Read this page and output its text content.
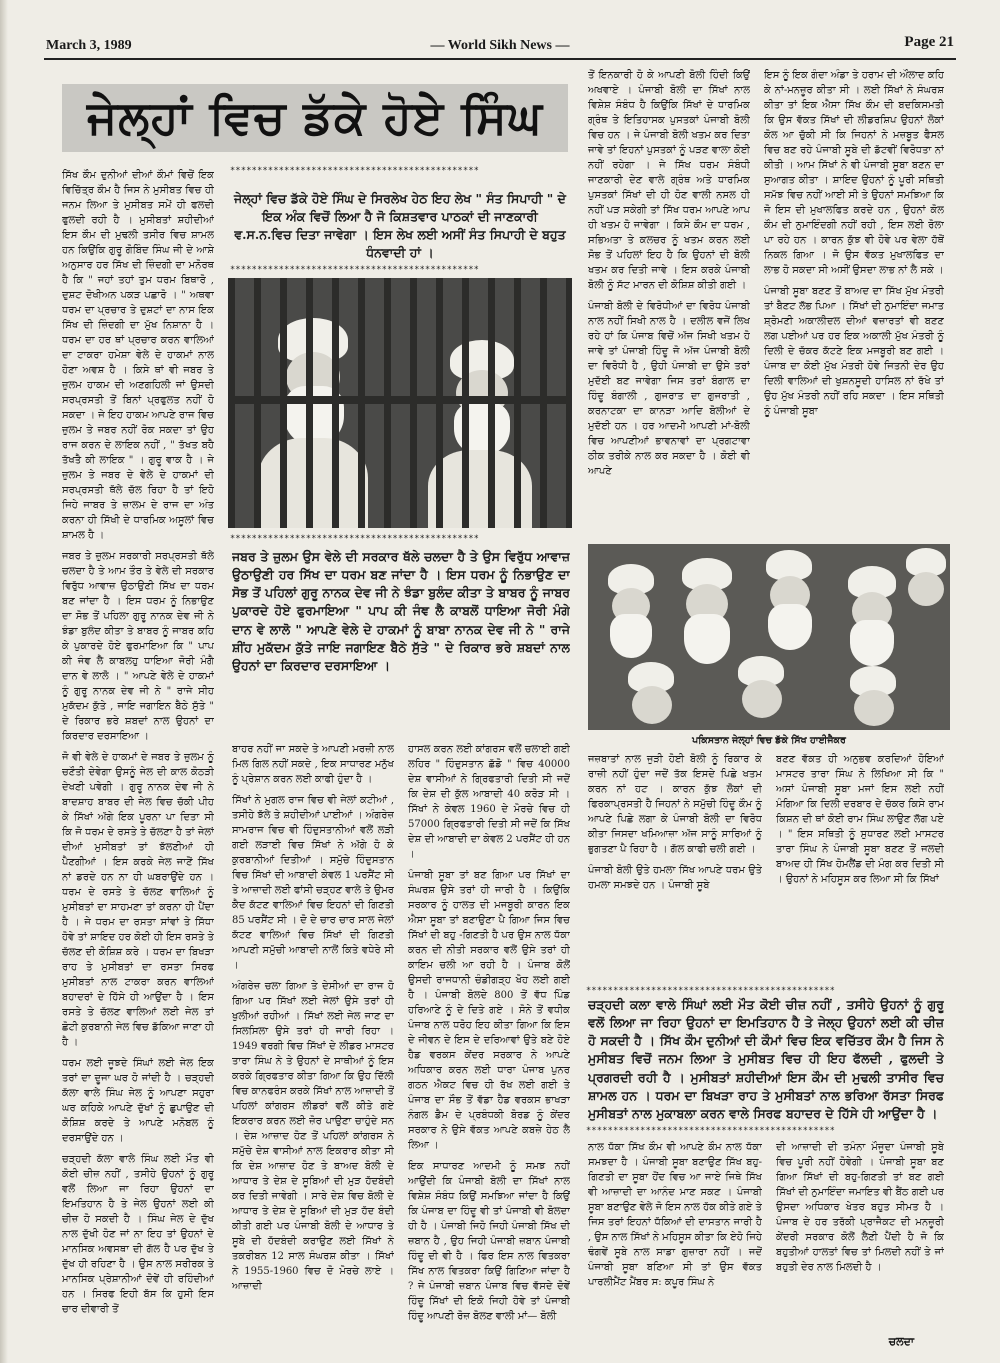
March 3, 1989	— World Sikh News —	Page 21
ਜੇਲ੍ਹਾਂ ਵਿਚ ਡੱਕੇ ਹੋਏ ਸਿੰਘ

ਸਿੱਖ ਕੌਮ ਦੁਨੀਆਂ ਦੀਆਂ ਕੌਮਾਂ ਵਿਚੋਂ ਇਕ ਵਿਚਿੱਤ੍ਰ ਕੌਮ ਹੈ ਜਿਸ ਨੇ ਮੁਸੀਬਤ ਵਿਚ ਹੀ ਜਨਮ ਲਿਆ ਤੇ ਮੁਸੀਬਤ ਸਮੇਂ ਹੀ ਫਲਦੀ ਫੁਲਦੀ ਰਹੀ ਹੈ । ਮੁਸੀਬਤਾਂ ਸ਼ਹੀਦੀਆਂ ਇਸ ਕੌਮ ਦੀ ਮੁਢਲੀ ਤਸੀਰ ਵਿਚ ਸ਼ਾਮਲ ਹਨ ਕਿਉਂਕਿ ਗੁਰੂ ਗੋਬਿੰਦ ਸਿੰਘ ਜੀ ਦੇ ਆਸ਼ੇ ਅਨੁਸਾਰ ਹਰ ਸਿੱਖ ਦੀ ਜ਼ਿੰਦਗੀ ਦਾ ਮਨੋਰਥ ਹੈ ਕਿ " ਜਹਾਂ ਤਹਾਂ ਤੁਮ ਧਰਮ ਬਿਥਾਰੋ , ਦੁਸ਼ਟ ਦੋਖੀਅਨ ਪਕੜ ਪਛਾਰੋ । " ਅਥਵਾ ਧਰਮ ਦਾ ਪ੍ਰਚਾਰ ਤੇ ਦੁਸ਼ਟਾਂ ਦਾ ਨਾਸ ਇਕ ਸਿੱਖ ਦੀ ਜ਼ਿੰਦਗੀ ਦਾ ਮੁੱਖ ਨਿਸ਼ਾਨਾ ਹੈ । ਧਰਮ ਦਾ ਹਰ ਥਾਂ ਪ੍ਰਚਾਰ ਕਰਨ ਵਾਲਿਆਂ ਦਾ ਟਾਕਰਾ ਹਮੇਸ਼ਾ ਵੇਲੇ ਦੇ ਹਾਕਮਾਂ ਨਾਲ ਹੋਣਾ ਅਵਸ਼ ਹੈ । ਕਿਸੇ ਥਾਂ ਵੀ ਜਬਰ ਤੇ ਜ਼ੁਲਮ ਹਾਕਮ ਦੀ ਅਣਗਹਿਲੀ ਜਾਂ ਉਸਦੀ ਸਰਪ੍ਰਸਤੀ ਤੋਂ ਬਿਨਾਂ ਪ੍ਰਫੁਲਤ ਨਹੀਂ ਹੋ ਸਕਦਾ । ਜੇ ਇਹ ਹਾਕਮ ਆਪਣੇ ਰਾਜ ਵਿਚ ਜ਼ੁਲਮ ਤੇ ਜਬਰ ਨਹੀਂ ਰੋਕ ਸਕਦਾ ਤਾਂ ਉਹ ਰਾਜ ਕਰਨ ਦੇ ਲਾਇਕ ਨਹੀਂ , " ਤੱਖਤ ਬਹੈ ਤੱਖਤੈ ਕੀ ਲਾਇਕ " । ਗੁਰੂ ਵਾਕ ਹੈ । ਜੇ ਜ਼ੁਲਮ ਤੇ ਜਬਰ ਦੇ ਵੇਲੇ ਦੇ ਹਾਕਮਾਂ ਦੀ ਸਰਪ੍ਰਸਤੀ ਥੱਲੇ ਚੱਲ ਰਿਹਾ ਹੈ ਤਾਂ ਇਹੋ ਜਿਹੇ ਜਾਬਰ ਤੇ ਜ਼ਾਲਮ ਦੇ ਰਾਜ ਦਾ ਅੰਤ ਕਰਨਾ ਹੀ ਸਿੱਖੀ ਦੇ ਧਾਰਮਿਕ ਅਸੂਲਾਂ ਵਿਚ ਸ਼ਾਮਲ ਹੈ ।

ਜਬਰ ਤੇ ਜ਼ੁਲਮ ਸਰਕਾਰੀ ਸਰਪ੍ਰਸਤੀ ਥੱਲੇ ਚਲਦਾ ਹੈ ਤੇ ਆਮ ਤੌਰ ਤੇ ਵੇਲੇ ਦੀ ਸਰਕਾਰ ਵਿਰੁੱਧ ਆਵਾਜ਼ ਉਠਾਉਣੀ ਸਿੱਖ ਦਾ ਧਰਮ ਬਣ ਜਾਂਦਾ ਹੈ । ਇਸ ਧਰਮ ਨੂੰ ਨਿਭਾਉਣ ਦਾ ਸੋਭ ਤੋਂ ਪਹਿਲਾ ਗੁਰੂ ਨਾਨਕ ਦੇਵ ਜੀ ਨੇ ਝੰਡਾ ਬੁਲੰਦ ਕੀਤਾ ਤੇ ਬਾਬਰ ਨੂੰ ਜਾਬਰ ਕਹਿ ਕੇ ਪੁਕਾਰਦੇ ਹੋਏ ਫੁਰਮਾਇਆ ਕਿ " ਪਾਪ ਕੀ ਜੰਞ ਲੈ ਕਾਬਲਹੁ ਧਾਇਆ ਜੋਰੀ ਮੰਗੈ ਦਾਨ ਵੇ ਲਾਲੋ । " ਆਪਣੇ ਵੇਲੇ ਦੇ ਹਾਕਮਾਂ ਨੂੰ ਗੁਰੂ ਨਾਨਕ ਦੇਵ ਜੀ ਨੇ " ਰਾਜੇ ਸੀਹ ਮੁਕੱਦਮ ਕੁੱਤੇ , ਜਾਇ ਜਗਾਇਨ ਬੈਠੇ ਸੁੱਤੇ " ਦੇ ਰਿਕਾਰ ਭਰੇ ਸ਼ਬਦਾਂ ਨਾਲ ਉਹਨਾਂ ਦਾ ਕਿਰਦਾਰ ਦਰਸਾਇਆ ।

ਜੋ ਵੀ ਵੇਲੇ ਦੇ ਹਾਕਮਾਂ ਦੇ ਜਬਰ ਤੇ ਜ਼ੁਲਮ ਨੂੰ ਚਣੌਤੀ ਦੇਵੇਗਾ ਉਸਨੂੰ ਜੇਲ ਦੀ ਕਾਲ ਕੋਠੜੀ ਦੇਖਣੀ ਪਵੇਗੀ । ਗੁਰੂ ਨਾਨਕ ਦੇਵ ਜੀ ਨੇ ਬਾਦਸ਼ਾਹ ਬਾਬਰ ਦੀ ਜੇਲ ਵਿਚ ਚੱਕੀ ਪੀਹ ਕੇ ਸਿੱਖਾਂ ਅੱਗੇ ਇਕ ਪੂਰਨਾ ਪਾ ਦਿਤਾ ਸੀ ਕਿ ਜੋ ਧਰਮ ਦੇ ਰਸਤੇ ਤੇ ਚੱਲਣਾ ਹੈ ਤਾਂ ਜੇਲਾਂ ਦੀਆਂ ਮੁਸੀਬਤਾਂ ਤਾਂ ਝੱਲਣੀਆਂ ਹੀ ਪੈਣਗੀਆਂ । ਇਸ ਕਰਕੇ ਜੇਲ ਜਾਣੋਂ ਸਿੱਖ ਨਾਂ ਡਰਦੇ ਹਨ ਨਾ ਹੀ ਘਬਰਾਉਂਦੇ ਹਨ । ਧਰਮ ਦੇ ਰਸਤੇ ਤੇ ਚੱਲਣ ਵਾਲਿਆਂ ਨੂੰ ਮੁਸੀਬਤਾਂ ਦਾ ਸਾਹਮਣਾ ਤਾਂ ਕਰਨਾ ਹੀ ਪੈਂਦਾ ਹੈ । ਜੇ ਧਰਮ ਦਾ ਰਸਤਾ ਸਾਂਵਾਂ ਤੇ ਸਿੱਧਾ ਹੋਵੇ ਤਾਂ ਸ਼ਾਇਦ ਹਰ ਕੋਈ ਹੀ ਇਸ ਰਸਤੇ ਤੇ ਚੱਲਣ ਦੀ ਕੋਸ਼ਿਸ਼ ਕਰੇ । ਧਰਮ ਦਾ ਬਿਖੜਾ ਰਾਹ ਤੇ ਮੁਸੀਬਤਾਂ ਦਾ ਰਸਤਾ ਸਿਰਫ ਮੁਸੀਬਤਾਂ ਨਾਲ ਟਾਕਰਾ ਕਰਨ ਵਾਲਿਆਂ ਬਹਾਦਰਾਂ ਦੇ ਹਿੱਸੇ ਹੀ ਆਉਂਦਾ ਹੈ । ਇਸ ਰਸਤੇ ਤੇ ਚੱਲਣ ਵਾਲਿਆਂ ਲਈ ਜੇਲ ਤਾਂ ਛੋਟੀ ਕੁਰਬਾਨੀ ਜੇਲ ਵਿਚ ਡੱਕਿਆ ਜਾਣਾ ਹੀ ਹੈ ।

ਧਰਮ ਲਈ ਜੂਝਦੇ ਸਿੰਘਾਂ ਲਈ ਜੇਲ ਇਕ ਤਰਾਂ ਦਾ ਦੂਜਾ ਘਰ ਹੋ ਜਾਂਦੀ ਹੈ । ਚੜ੍ਹਦੀ ਕੱਲਾ ਵਾਲੇ ਸਿੰਘ ਜੇਲ ਨੂੰ ਆਪਣਾ ਸਹੁਰਾ ਘਰ ਕਹਿਕੇ ਆਪਣੇ ਦੁੱਖਾਂ ਨੂੰ ਛੁਪਾਉਣ ਦੀ ਕੋਸ਼ਿਸ਼ ਕਰਦੇ ਤੇ ਆਪਣੇ ਮਨੋਬਲ ਨੂੰ ਦਰਸਾਉਂਦੇ ਹਨ ।

ਚੜ੍ਹਦੀ ਕੱਲਾ ਵਾਲੇ ਸਿੰਘ ਲਈ ਮੌਤ ਵੀ ਕੋਈ ਚੀਜ਼ ਨਹੀਂ , ਤਸੀਹੇ ਉਹਨਾਂ ਨੂੰ ਗੁਰੂ ਵਲੋਂ ਲਿਆ ਜਾ ਰਿਹਾ ਉਹਨਾਂ ਦਾ ਇਮਤਿਹਾਨ ਹੈ ਤੇ ਜੇਲ ਉਹਨਾਂ ਲਈ ਕੀ ਚੀਜ਼ ਹੋ ਸਕਦੀ ਹੈ । ਸਿੰਘ ਜੇਲ ਦੇ ਦੁੱਖ ਨਾਲ ਦੁੱਖੀ ਹੋਣ ਜਾਂ ਨਾ ਇਹ ਤਾਂ ਉਹਨਾਂ ਦੇ ਮਾਨਸਿਕ ਅਵਸਥਾ ਦੀ ਗੱਲ ਹੈ ਪਰ ਦੁੱਖ ਤੇ ਦੁੱਖ ਹੀ ਰਹਿਣਾ ਹੈ । ਉਸ ਨਾਲ ਸਰੀਰਕ ਤੇ ਮਾਨਸਿਕ ਪ੍ਰੇਸ਼ਾਨੀਆਂ ਦੋਵੇਂ ਹੀ ਰਹਿੰਦੀਆਂ ਹਨ । ਸਿਰਫ ਇਹੀ ਬੱਸ ਕਿ ਹੁਸੀ ਇਸ ਚਾਰ ਦੀਵਾਰੀ ਤੋਂ

**********************************************
ਜੇਲ੍ਹਾਂ ਵਿਚ ਡੱਕੇ ਹੋਏ ਸਿੰਘ ਦੇ ਸਿਰਲੇਖ ਹੇਠ ਇਹ ਲੇਖ " ਸੰਤ ਸਿਪਾਹੀ " ਦੇ ਇਕ ਅੰਕ ਵਿਚੋਂ ਲਿਆ ਹੈ ਜੋ ਕਿਸ਼ਤਵਾਰ ਪਾਠਕਾਂ ਦੀ ਜਾਣਕਾਰੀ ਵ.ਸ.ਨ.ਵਿਚ ਦਿਤਾ ਜਾਵੇਗਾ । ਇਸ ਲੇਖ ਲਈ ਅਸੀਂ ਸੰਤ ਸਿਪਾਹੀ ਦੇ ਬਹੁਤ ਧੰਨਵਾਦੀ ਹਾਂ ।
**********************************************
**********************************************
ਜਬਰ ਤੇ ਜ਼ੁਲਮ ਉਸ ਵੇਲੇ ਦੀ ਸਰਕਾਰ ਥੱਲੇ ਚਲਦਾ ਹੈ ਤੇ ਉਸ ਵਿਰੁੱਧ ਆਵਾਜ਼ ਉਠਾਉਣੀ ਹਰ ਸਿੱਖ ਦਾ ਧਰਮ ਬਣ ਜਾਂਦਾ ਹੈ । ਇਸ ਧਰਮ ਨੂੰ ਨਿਭਾਉਣ ਦਾ ਸੋਭ ਤੋਂ ਪਹਿਲਾਂ ਗੁਰੂ ਨਾਨਕ ਦੇਵ ਜੀ ਨੇ ਝੰਡਾ ਬੁਲੰਦ ਕੀਤਾ ਤੇ ਬਾਬਰ ਨੂੰ ਜਾਬਰ ਪੁਕਾਰਦੇ ਹੋਏ ਫੁਰਮਾਇਆ " ਪਾਪ ਕੀ ਜੰਞ ਲੈ ਕਾਬਲੋਂ ਧਾਇਆ ਜੋਰੀ ਮੰਗੇ ਦਾਨ ਵੇ ਲਾਲੋ " ਆਪਣੇ ਵੇਲੇ ਦੇ ਹਾਕਮਾਂ ਨੂੰ ਬਾਬਾ ਨਾਨਕ ਦੇਵ ਜੀ ਨੇ " ਰਾਜੇ ਸ਼ੀਂਹ ਮੁਕੱਦਮ ਕੁੱਤੇ ਜਾਇ ਜਗਾਇਣ ਬੈਠੇ ਸੁੱਤੇ " ਦੇ ਰਿਕਾਰ ਭਰੇ ਸ਼ਬਦਾਂ ਨਾਲ ਉਹਨਾਂ ਦਾ ਕਿਰਦਾਰ ਦਰਸਾਇਆ ।

ਬਾਹਰ ਨਹੀਂ ਜਾ ਸਕਦੇ ਤੇ ਆਪਣੀ ਮਰਜ਼ੀ ਨਾਲ ਮਿਲ ਗਿਲ ਨਹੀਂ ਸਕਦੇ , ਇਕ ਸਾਧਾਰਣ ਮਨੁੱਖ ਨੂੰ ਪ੍ਰੇਸ਼ਾਨ ਕਰਨ ਲਈ ਕਾਫੀ ਹੁੰਦਾ ਹੈ ।

ਸਿੱਖਾਂ ਨੇ ਮੁਗਲ ਰਾਜ ਵਿਚ ਵੀ ਜੇਲਾਂ ਕਟੀਆਂ , ਤਸੀਹੇ ਝੱਲੇ ਤੇ ਸ਼ਹੀਦੀਆਂ ਪਾਈਆਂ । ਅੰਗਰੇਜ਼ ਸਾਮਰਾਜ ਵਿਚ ਵੀ ਹਿੰਦੁਸਤਾਨੀਆਂ ਵਲੋਂ ਲੜੀ ਗਈ ਲੜਾਈ ਵਿਚ ਸਿੱਖਾਂ ਨੇ ਅੱਗੇ ਹੋ ਕੇ ਕੁਰਬਾਨੀਆਂ ਦਿਤੀਆਂ । ਸਮੁੱਚੇ ਹਿੰਦੁਸਤਾਨ ਵਿਚ ਸਿੱਖਾਂ ਦੀ ਆਬਾਦੀ ਕੇਵਲ 1 ਪਰਸੈਂਟ ਸੀ ਤੇ ਆਜ਼ਾਦੀ ਲਈ ਫਾਂਸੀ ਚੜ੍ਹਣ ਵਾਲੇ ਤੇ ਉਮਰ ਕੈਦ ਕੱਟਣ ਵਾਲਿਆਂ ਵਿਚ ਇਹਨਾਂ ਦੀ ਗਿਣਤੀ 85 ਪਰਸੈਂਟ ਸੀ । ਦੋ ਦੇ ਚਾਰ ਚਾਰ ਸਾਲ ਜੇਲਾਂ ਕੱਟਣ ਵਾਲਿਆਂ ਵਿਚ ਸਿੱਖਾਂ ਦੀ ਗਿਣਤੀ ਆਪਣੀ ਸਮੁੱਚੀ ਆਬਾਦੀ ਨਾਲੋਂ ਕਿਤੇ ਵਧੇਰੇ ਸੀ ।

ਅੰਗਰੇਜ਼ ਚਲਾ ਗਿਆ ਤੇ ਦੇਸੀਆਂ ਦਾ ਰਾਜ ਹੋ ਗਿਆ ਪਰ ਸਿੱਖਾਂ ਲਈ ਜੇਲਾਂ ਉਸੇ ਤਰਾਂ ਹੀ ਖੁਲੀਆਂ ਰਹੀਆਂ । ਸਿੱਖਾਂ ਲਈ ਜੇਲ ਜਾਣ ਦਾ ਸਿਲਸਿਲਾ ਉਸੇ ਤਰਾਂ ਹੀ ਜਾਰੀ ਰਿਹਾ । 1949 ਵਰਗੀ ਵਿਚ ਸਿੱਖਾਂ ਦੇ ਲੀਡਰ ਮਾਸਟਰ ਤਾਰਾ ਸਿੰਘ ਨੇ ਤੇ ਉਹਨਾਂ ਦੇ ਸਾਥੀਆਂ ਨੂੰ ਇਸ ਕਰਕੇ ਗ੍ਰਿਫਤਾਰ ਕੀਤਾ ਗਿਆ ਕਿ ਉਹ ਦਿੱਲੀ ਵਿਚ ਕਾਨਫਰੰਸ ਕਰਕੇ ਸਿੱਖਾਂ ਨਾਲ ਆਜ਼ਾਦੀ ਤੋਂ ਪਹਿਲਾਂ ਕਾਂਗਰਸ ਲੀਡਰਾਂ ਵਲੋਂ ਕੀਤੇ ਗਏ ਇਕਰਾਰ ਕਰਨ ਲਈ ਜ਼ੋਰ ਪਾਉਣਾ ਚਾਹੁੰਦੇ ਸਨ । ਦੇਸ਼ ਆਜ਼ਾਦ ਹੋਣ ਤੋਂ ਪਹਿਲਾਂ ਕਾਂਗਰਸ ਨੇ ਸਮੁੱਚੇ ਦੇਸ਼ ਵਾਸੀਆਂ ਨਾਲ ਇਕਰਾਰ ਕੀਤਾ ਸੀ ਕਿ ਦੇਸ਼ ਆਜ਼ਾਦ ਹੋਣ ਤੇ ਬਾਅਦ ਬੋਲੀ ਦੇ ਆਧਾਰ ਤੇ ਦੇਸ਼ ਦੇ ਸੂਬਿਆਂ ਦੀ ਮੁੜ ਹੱਦਬੰਦੀ ਕਰ ਦਿਤੀ ਜਾਵੇਗੀ । ਸਾਰੇ ਦੇਸ਼ ਵਿਚ ਬੋਲੀ ਦੇ ਆਧਾਰ ਤੇ ਦੇਸ਼ ਦੇ ਸੂਬਿਆਂ ਦੀ ਮੁੜ ਹੱਦ ਬੰਦੀ ਕੀਤੀ ਗਈ ਪਰ ਪੰਜਾਬੀ ਬੋਲੀ ਦੇ ਆਧਾਰ ਤੇ ਸੂਬੇ ਦੀ ਹੱਦਬੰਦੀ ਕਰਾਉਣ ਲਈ ਸਿੱਖਾਂ ਨੇ ਤਕਰੀਬਨ 12 ਸਾਲ ਸੰਘਰਸ਼ ਕੀਤਾ । ਸਿੱਖਾਂ ਨੇ 1955-1960 ਵਿਚ ਦੋ ਮੋਰਚੇ ਲਾਏ । ਆਜ਼ਾਦੀ

ਹਾਸਲ ਕਰਨ ਲਈ ਕਾਂਗਰਸ ਵਲੋਂ ਚਲਾਈ ਗਈ ਲਹਿਰ " ਹਿੰਦੁਸਤਾਨ ਛੱਡੋ " ਵਿਚ 40000 ਦੇਸ਼ ਵਾਸੀਆਂ ਨੇ ਗ੍ਰਿਫਤਾਰੀ ਦਿਤੀ ਸੀ ਜਦੋਂ ਕਿ ਦੇਸ਼ ਦੀ ਕੁੱਲ ਆਬਾਦੀ 40 ਕਰੋੜ ਸੀ । ਸਿੱਖਾਂ ਨੇ ਕੇਵਲ 1960 ਦੇ ਮੋਰਚੇ ਵਿਚ ਹੀ 57000 ਗ੍ਰਿਫਤਾਰੀ ਦਿਤੀ ਸੀ ਜਦੋਂ ਕਿ ਸਿੱਖ ਦੇਸ਼ ਦੀ ਆਬਾਦੀ ਦਾ ਕੇਵਲ 2 ਪਰਸੈਂਟ ਹੀ ਹਨ ।

ਪੰਜਾਬੀ ਸੂਬਾ ਤਾਂ ਬਣ ਗਿਆ ਪਰ ਸਿੱਖਾਂ ਦਾ ਸੰਘਰਸ਼ ਉਸੇ ਤਰਾਂ ਹੀ ਜਾਰੀ ਹੈ । ਕਿਉਂਕਿ ਸਰਕਾਰ ਨੂੰ ਹਾਲਤ ਦੀ ਮਜਬੂਰੀ ਕਾਰਨ ਇਕ ਐਸਾ ਸੂਬਾ ਤਾਂ ਬਣਾਉਣਾ ਪੈ ਗਿਆ ਜਿਸ ਵਿਚ ਸਿੱਖਾਂ ਦੀ ਬਹੁ -ਗਿਣਤੀ ਹੈ ਪਰ ਉਸ ਨਾਲ ਧੱਕਾ ਕਰਨ ਦੀ ਨੀਤੀ ਸਰਕਾਰ ਵਲੋਂ ਉਸੇ ਤਰਾਂ ਹੀ ਕਾਇਮ ਚਲੀ ਆ ਰਹੀ ਹੈ । ਪੰਜਾਬ ਕੋਲੋਂ ਉਸਦੀ ਰਾਜਧਾਨੀ ਚੰਡੀਗੜ੍ਹ ਖੋਹ ਲਈ ਗਈ ਹੈ । ਪੰਜਾਬੀ ਬੋਲਦੇ 800 ਤੋਂ ਵੱਧ ਪਿੰਡ ਹਰਿਆਣੇ ਨੂੰ ਦੇ ਦਿਤੇ ਗਏ । ਸੋਨੇ ਤੋਂ ਵਧੀਕ ਪੰਜਾਬ ਨਾਲ ਧਰੋਹ ਇਹ ਕੀਤਾ ਗਿਆ ਕਿ ਇਸ ਦੇ ਜੀਵਨ ਦੇ ਇਸ ਦੇ ਦਰਿਆਵਾਂ ਉਤੇ ਬਣੇ ਹੋਏ ਹੈਡ ਵਰਕਸ ਕੇਂਦਰ ਸਰਕਾਰ ਨੇ ਆਪਣੇ ਅਧਿਕਾਰ ਕਰਨ ਲਈ ਧਾਰਾ ਪੰਜਾਬ ਪੁਨਰ ਗਠਨ ਐਕਟ ਵਿਚ ਹੀ ਰੱਖ ਲਈ ਗਈ ਤੇ ਪੰਜਾਬ ਦਾ ਸੌਭ ਤੋਂ ਵੱਡਾ ਹੈਡ ਵਰਕਸ ਭਾਖੜਾ ਨੰਗਲ ਡੈਮ ਦੇ ਪ੍ਰਬੰਧਕੀ ਬੋਰਡ ਨੂੰ ਕੇਂਦਰ ਸਰਕਾਰ ਨੇ ਉਸੇ ਵੱਕਤ ਆਪਣੇ ਕਬਜ਼ੇ ਹੇਠ ਲੈ ਲਿਆ ।

ਇਕ ਸਾਧਾਰਣ ਆਦਮੀ ਨੂੰ ਸਮਝ ਨਹੀਂ ਆਉਂਦੀ ਕਿ ਪੰਜਾਬੀ ਬੋਲੀ ਦਾ ਸਿੱਖਾਂ ਨਾਲ ਵਿਸ਼ੇਸ਼ ਸੰਬੰਧ ਕਿਉਂ ਸਮਝਿਆ ਜਾਂਦਾ ਹੈ ਕਿਉਂ ਕਿ ਪੰਜਾਬ ਦਾ ਹਿੰਦੂ ਵੀ ਤਾਂ ਪੰਜਾਬੀ ਵੀ ਬੋਲਦਾ ਹੀ ਹੈ । ਪੰਜਾਬੀ ਜਿਹੋ ਜਿਹੀ ਪੰਜਾਬੀ ਸਿੱਖ ਦੀ ਜ਼ਬਾਨ ਹੈ , ਉਹ ਜਿਹੀ ਪੰਜਾਬੀ ਜ਼ਬਾਨ ਪੰਜਾਬੀ ਹਿੰਦੂ ਦੀ ਵੀ ਹੈ । ਫਿਰ ਇਸ ਨਾਲ ਵਿਤਕਰਾ ਸਿੱਖ ਨਾਲ ਵਿਤਕਰਾ ਕਿਉਂ ਗਿਣਿਆ ਜਾਂਦਾ ਹੈ ? ਜੇ ਪੰਜਾਬੀ ਜ਼ਬਾਨ ਪੰਜਾਬ ਵਿਚ ਵੱਸਦੇ ਦੋਵੇਂ ਹਿੰਦੂ ਸਿੱਖਾਂ ਦੀ ਇਕੋ ਜਿਹੀ ਹੋਵੇ ਤਾਂ ਪੰਜਾਬੀ ਹਿੰਦੂ ਆਪਣੀ ਰੋਜ਼ ਬੋਲਣ ਵਾਲੀ ਮਾਂ— ਬੋਲੀ

ਤੋਂ ਇਨਕਾਰੀ ਹੋ ਕੇ ਆਪਣੀ ਬੋਲੀ ਹਿੰਦੀ ਕਿਉਂ ਅਖਵਾਏ । ਪੰਜਾਬੀ ਬੋਲੀ ਦਾ ਸਿੱਖਾਂ ਨਾਲ ਵਿਸ਼ੇਸ਼ ਸੰਬੰਧ ਹੈ ਕਿਉਂਕਿ ਸਿੱਖਾਂ ਦੇ ਧਾਰਮਿਕ ਗ੍ਰੰਥ ਤੇ ਇਤਿਹਾਸਕ ਪੁਸਤਕਾਂ ਪੰਜਾਬੀ ਬੋਲੀ ਵਿਚ ਹਨ । ਜੇ ਪੰਜਾਬੀ ਬੋਲੀ ਖਤਮ ਕਰ ਦਿਤਾ ਜਾਵੇ ਤਾਂ ਇਹਨਾਂ ਪੁਸਤਕਾਂ ਨੂੰ ਪੜਣ ਵਾਲਾ ਕੋਈ ਨਹੀਂ ਰਹੇਗਾ । ਜੇ ਸਿੱਖ ਧਰਮ ਸੰਬੰਧੀ ਜਾਣਕਾਰੀ ਦੇਣ ਵਾਲੇ ਗ੍ਰੰਥ ਅਤੇ ਧਾਰਮਿਕ ਪੁਸਤਕਾਂ ਸਿੱਖਾਂ ਦੀ ਹੀ ਹੋਣ ਵਾਲੀ ਨਸਲ ਹੀ ਨਹੀਂ ਪੜ ਸਕੇਗੀ ਤਾਂ ਸਿੱਖ ਧਰਮ ਆਪਣੇ ਆਪ ਹੀ ਖਤਮ ਹੋ ਜਾਵੇਗਾ । ਕਿਸੇ ਕੌਮ ਦਾ ਧਰਮ , ਸਭਿਅਤਾ ਤੇ ਕਲਚਰ ਨੂੰ ਖਤਮ ਕਰਨ ਲਈ ਸੋਭ ਤੋਂ ਪਹਿਲਾਂ ਇਹ ਹੈ ਕਿ ਉਹਨਾਂ ਦੀ ਬੋਲੀ ਖਤਮ ਕਰ ਦਿਤੀ ਜਾਵੇ । ਇਸ ਕਰਕੇ ਪੰਜਾਬੀ ਬੋਲੀ ਨੂੰ ਸੱਟ ਮਾਰਨ ਦੀ ਕੋਸ਼ਿਸ਼ ਕੀਤੀ ਗਈ ।

ਪੰਜਾਬੀ ਬੋਲੀ ਦੇ ਵਿਰੋਧੀਆਂ ਦਾ ਵਿਰੋਧ ਪੰਜਾਬੀ ਨਾਲ ਨਹੀਂ ਸਿਖੀ ਨਾਲ ਹੈ । ਦਲੀਲ ਵਜੋਂ ਲਿਖ ਰਹੇ ਹਾਂ ਕਿ ਪੰਜਾਬ ਵਿਚੋਂ ਅੱਜ ਸਿਖੀ ਖਤਮ ਹੋ ਜਾਵੇ ਤਾਂ ਪੰਜਾਬੀ ਹਿੰਦੂ ਜੋ ਅੱਜ ਪੰਜਾਬੀ ਬੋਲੀ ਦਾ ਵਿਰੋਧੀ ਹੈ , ਉਹੀ ਪੰਜਾਬੀ ਦਾ ਉਸੇ ਤਰਾਂ ਮੁਦੱਈ ਬਣ ਜਾਵੇਗਾ ਜਿਸ ਤਰਾਂ ਬੰਗਾਲ ਦਾ ਹਿੰਦੂ ਬੰਗਾਲੀ , ਗੁਜਰਾਤ ਦਾ ਗੁਜਰਾਤੀ , ਕਰਨਾਟਕਾ ਦਾ ਕਾਨੜਾ ਆਦਿ ਬੋਲੀਆਂ ਦੇ ਮੁਦੱਈ ਹਨ । ਹਰ ਆਦਮੀ ਆਪਣੀ ਮਾਂ-ਬੋਲੀ ਵਿਚ ਆਪਣੀਆਂ ਭਾਵਨਾਵਾਂ ਦਾ ਪ੍ਰਗਟਾਵਾ ਠੀਕ ਤਰੀਕੇ ਨਾਲ ਕਰ ਸਕਦਾ ਹੈ । ਕੋਈ ਵੀ ਆਪਣੇ

ਇਸ ਨੂੰ ਇਕ ਗੰਦਾ ਅੰਡਾ ਤੇ ਹਰਾਮ ਦੀ ਔਲਾਦ ਕਹਿ ਕੇ ਨਾਂ-ਮਨਜ਼ੂਰ ਕੀਤਾ ਸੀ । ਲਈ ਸਿੱਖਾਂ ਨੇ ਸੰਘਰਸ਼ ਕੀਤਾ ਤਾਂ ਇਕ ਐਸਾ ਸਿੱਖ ਕੌਮ ਦੀ ਬਦਕਿਸਮਤੀ ਕਿ ਉਸ ਵੱਕਤ ਸਿੱਖਾਂ ਦੀ ਲੀਡਰਸ਼ਿਪ ਉਹਨਾਂ ਲੋਕਾਂ ਕੋਲ ਆ ਚੁੱਕੀ ਸੀ ਕਿ ਜਿਹਨਾਂ ਨੇ ਮਜ਼ਬੂਤ ਫੈਸਲ ਵਿਚ ਬਣ ਰਹੇ ਪੰਜਾਬੀ ਸੂਬੇ ਦੀ ਡੱਟਵੀਂ ਵਿਰੋਧਤਾ ਨਾਂ ਕੀਤੀ । ਆਮ ਸਿੱਖਾਂ ਨੇ ਵੀ ਪੰਜਾਬੀ ਸੂਬਾ ਬਣਨ ਦਾ ਸੁਆਗਤ ਕੀਤਾ । ਸ਼ਾਇਦ ਉਹਨਾਂ ਨੂੰ ਪੂਰੀ ਸਥਿਤੀ ਸਮੱਝ ਵਿਚ ਨਹੀਂ ਆਈ ਸੀ ਤੇ ਉਹਨਾਂ ਸਮਝਿਆ ਕਿ ਜੋ ਇਸ ਦੀ ਮੁਖਾਲਫਿਤ ਕਰਦੇ ਹਨ , ਉਹਨਾਂ ਕੋਲ ਕੌਮ ਦੀ ਨੁਮਾਇੰਦਗੀ ਨਹੀਂ ਰਹੀ , ਇਸ ਲਈ ਰੋਲਾ ਪਾ ਰਹੇ ਹਨ । ਕਾਰਨ ਕੁੱਝ ਵੀ ਹੋਵੇ ਪਰ ਵੇਲਾ ਹੱਥੋਂ ਨਿਕਲ ਗਿਆ । ਜੋ ਉਸ ਵੱਕਤ ਮੁਖਾਲਫਿਤ ਦਾ ਲਾਭ ਹੋ ਸਕਦਾ ਸੀ ਅਸੀਂ ਉਸਦਾ ਲਾਭ ਨਾਂ ਲੈ ਸਕੇ ।

ਪੰਜਾਬੀ ਸੂਬਾ ਬਣਣ ਤੋਂ ਬਾਅਦ ਦਾ ਸਿੱਖ ਮੁੱਖ ਮੰਤਰੀ ਤਾਂ ਬੈਣਟ ਲੱਭ ਪਿਆ । ਸਿੱਖਾਂ ਦੀ ਨੁਮਾਇੰਦਾ ਜਮਾਤ ਸ਼੍ਰੋਮਣੀ ਅਕਾਲੀਦਲ ਦੀਆਂ ਵਜ਼ਾਰਤਾਂ ਵੀ ਬਣਣ ਲਗ ਪਈਆਂ ਪਰ ਹਰ ਇਕ ਅਕਾਲੀ ਮੁੱਖ ਮੰਤਰੀ ਨੂੰ ਦਿਲੀ ਦੇ ਚੱਕਰ ਕੱਟਣੇ ਇਕ ਮਜਬੂਰੀ ਬਣ ਗਈ । ਪੰਜਾਬ ਦਾ ਕੋਈ ਮੁੱਖ ਮੰਤਰੀ ਹੋਵੇ ਜਿਤਨੀ ਦੇਰ ਉਹ ਦਿਲੀ ਵਾਲਿਆਂ ਦੀ ਖੁਸ਼ਨਸੂਦੀ ਹਾਸਿਲ ਨਾਂ ਰੱਖੇ ਤਾਂ ਉਹ ਮੁੱਖ ਮੰਤਰੀ ਨਹੀਂ ਰਹਿ ਸਕਦਾ । ਇਸ ਸਥਿਤੀ ਨੂੰ ਪੰਜਾਬੀ ਸੂਬਾ

ਪਕਿਸਤਾਨ ਜੇਲ੍ਹਾਂ ਵਿਚ ਡੱਕੇ ਸਿੱਖ ਹਾਈਜੈਕਰ

ਜਜ਼ਬਾਤਾਂ ਨਾਲ ਜੁੜੀ ਹੋਈ ਬੋਲੀ ਨੂੰ ਰਿਕਾਰ ਕੇ ਰਾਜ਼ੀ ਨਹੀਂ ਹੁੰਦਾ ਜਦੋਂ ਤੱਕ ਇਸਦੇ ਪਿਛੇ ਖਤਮ ਕਰਨ ਨਾਂ ਹਟ । ਕਾਰਨ ਕੁੱਝ ਲੋਕਾਂ ਦੀ ਫਿਰਕਾਪ੍ਰਸਤੀ ਹੈ ਜਿਹਨਾਂ ਨੇ ਸਮੁੱਚੀ ਹਿੰਦੂ ਕੌਮ ਨੂੰ ਆਪਣੇ ਪਿਛੇ ਲਗਾ ਕੇ ਪੰਜਾਬੀ ਬੋਲੀ ਦਾ ਵਿਰੋਧ ਕੀਤਾ ਜਿਸਦਾ ਖਮਿਆਜ਼ਾ ਅੱਜ ਸਾਨੂੰ ਸਾਰਿਆਂ ਨੂੰ ਭੁਗਤਣਾ ਪੈ ਰਿਹਾ ਹੈ । ਗੱਲ ਕਾਫੀ ਚਲੀ ਗਈ ।

ਪੰਜਾਬੀ ਬੋਲੀ ਉਤੇ ਹਮਲਾ ਸਿੱਖ ਆਪਣੇ ਧਰਮ ਉਤੇ ਹਮਲਾ ਸਮਝਦੇ ਹਨ । ਪੰਜਾਬੀ ਸੂਬੇ

ਬਣਣ ਵੱਕਤ ਹੀ ਅਨੁਭਵ ਕਰਦਿਆਂ ਹੋਇਆਂ ਮਾਸਟਰ ਤਾਰਾ ਸਿੰਘ ਨੇ ਲਿਖਿਆ ਸੀ ਕਿ " ਅਸਾਂ ਪੰਜਾਬੀ ਸੂਬਾ ਮਜਾਂ ਇਸ ਲਈ ਨਹੀਂ ਮੰਗਿਆ ਕਿ ਦਿਲੀ ਦਰਬਾਰ ਦੇ ਚੱਕਰ ਕਿਸੇ ਰਾਮ ਕਿਸ਼ਨ ਦੀ ਥਾਂ ਕੋਈ ਰਾਮ ਸਿੰਘ ਲਾਉਣ ਲੱਗ ਪਏ । " ਇਸ ਸਥਿਤੀ ਨੂੰ ਸੁਧਾਰਣ ਲਈ ਮਾਸਟਰ ਤਾਰਾ ਸਿੰਘ ਨੇ ਪੰਜਾਬੀ ਸੂਬਾ ਬਣਣ ਤੋਂ ਜਲਦੀ ਬਾਅਦ ਹੀ ਸਿੱਖ ਹੋਮਲੈਂਡ ਦੀ ਮੰਗ ਕਰ ਦਿਤੀ ਸੀ । ਉਹਨਾਂ ਨੇ ਮਹਿਸੂਸ ਕਰ ਲਿਆ ਸੀ ਕਿ ਸਿੱਖਾਂ

**********************************************
ਚੜ੍ਹਦੀ ਕਲਾ ਵਾਲੇ ਸਿੰਘਾਂ ਲਈ ਮੌਤ ਕੋਈ ਚੀਜ਼ ਨਹੀਂ , ਤਸੀਹੇ ਉਹਨਾਂ ਨੂੰ ਗੁਰੂ ਵਲੋਂ ਲਿਆ ਜਾ ਰਿਹਾ ਉਹਨਾਂ ਦਾ ਇਮਤਿਹਾਨ ਹੈ ਤੇ ਜੇਲ੍ਹ ਉਹਨਾਂ ਲਈ ਕੀ ਚੀਜ਼ ਹੋ ਸਕਦੀ ਹੈ । ਸਿੱਖ ਕੌਮ ਦੁਨੀਆਂ ਦੀ ਕੌਮਾਂ ਵਿਚ ਇਕ ਵਚਿੱਤਰ ਕੌਮ ਹੈ ਜਿਸ ਨੇ ਮੁਸੀਬਤ ਵਿਚੋਂ ਜਨਮ ਲਿਆ ਤੇ ਮੁਸੀਬਤ ਵਿਚ ਹੀ ਇਹ ਫੱਲਦੀ , ਫੁਲਦੀ ਤੇ ਪ੍ਰਗਰਦੀ ਰਹੀ ਹੈ । ਮੁਸੀਬਤਾਂ ਸ਼ਹੀਦੀਆਂ ਇਸ ਕੌਮ ਦੀ ਮੁਢਲੀ ਤਾਸੀਰ ਵਿਚ ਸ਼ਾਮਲ ਹਨ । ਧਰਮ ਦਾ ਬਿਖੜਾ ਰਾਹ ਤੇ ਮੁਸੀਬਤਾਂ ਨਾਲ ਭਰਿਆ ਰੱਸਤਾ ਸਿਰਫ ਮੁਸੀਬਤਾਂ ਨਾਲ ਮੁਕਾਬਲਾ ਕਰਨ ਵਾਲੇ ਸਿਰਫ ਬਹਾਦਰ ਦੇ ਹਿੱਸੇ ਹੀ ਆਉਂਦਾ ਹੈ ।
**********************************************

ਨਾਲ ਧੱਕਾ ਸਿੱਖ ਕੌਮ ਵੀ ਆਪਣੇ ਕੌਮ ਨਾਲ ਧੱਕਾ ਸਮਝਦਾ ਹੈ । ਪੰਜਾਬੀ ਸੂਬਾ ਬਣਾਉਣ ਸਿੱਖ ਬਹੁ-ਗਿਣਤੀ ਦਾ ਸੂਬਾ ਹੋਂਦ ਵਿਚ ਆ ਜਾਏ ਜਿਥੇ ਸਿੱਖ ਵੀ ਆਜ਼ਾਦੀ ਦਾ ਆਨੰਦ ਮਾਣ ਸਕਣ । ਪੰਜਾਬੀ ਸੂਬਾ ਬਣਾਉਣ ਵੇਲੇ ਜੋ ਇਸ ਨਾਲ ਹੱਕ ਕੀਤੇ ਗਏ ਤੇ ਜਿਸ ਤਰਾਂ ਇਹਨਾਂ ਧੱਕਿਆਂ ਦੀ ਦਾਸਤਾਨ ਜਾਰੀ ਹੈ , ਉਸ ਨਾਲ ਸਿੱਖਾਂ ਨੇ ਮਹਿਸੂਸ ਕੀਤਾ ਕਿ ਏਹੋ ਜਿਹੇ ਢੰਗਵੇਂ ਸੂਬੇ ਨਾਲ ਸਾਡਾ ਗੁਜ਼ਾਰਾ ਨਹੀਂ । ਜਦੋਂ ਪੰਜਾਬੀ ਸੂਬਾ ਬਣਿਆ ਸੀ ਤਾਂ ਉਸ ਵੱਕਤ ਪਾਰਲੀਮੈਂਟ ਮੈਂਬਰ ਸ: ਕਪੂਰ ਸਿੰਘ ਨੇ

ਦੀ ਆਜ਼ਾਦੀ ਦੀ ਤਮੰਨਾ ਮੌਜੂਦਾ ਪੰਜਾਬੀ ਸੂਬੇ ਵਿਚ ਪੂਰੀ ਨਹੀਂ ਹੋਵੇਗੀ । ਪੰਜਾਬੀ ਸੂਬਾ ਬਣ ਗਿਆ ਸਿੱਖਾਂ ਦੀ ਬਹੁ-ਗਿਣਤੀ ਤਾਂ ਬਣ ਗਈ ਸਿੱਖਾਂ ਦੀ ਨੁਮਾਇੰਦਾ ਜਮਾਇਤ ਵੀ ਬੈਂਠ ਗਈ ਪਰ ਉਸਦਾ ਅਧਿਕਾਰ ਖੇਤਰ ਬਹੁਤ ਸੀਮਤ ਹੈ । ਪੰਜਾਬ ਦੇ ਹਰ ਤਰੱਕੀ ਪ੍ਰਾਜੈਕਟ ਦੀ ਮਨਜ਼ੂਰੀ ਕੇਂਦਰੀ ਸਰਕਾਰ ਕੋਲੋਂ ਲੈਣੀ ਪੈਂਦੀ ਹੈ ਜੋ ਕਿ ਬਹੁਤੀਆਂ ਹਾਲਤਾਂ ਵਿਚ ਤਾਂ ਮਿਲਦੀ ਨਹੀਂ ਤੇ ਜਾਂ ਬਹੁਤੀ ਦੇਰ ਨਾਲ ਮਿਲਦੀ ਹੈ ।

ਚਲਦਾ
